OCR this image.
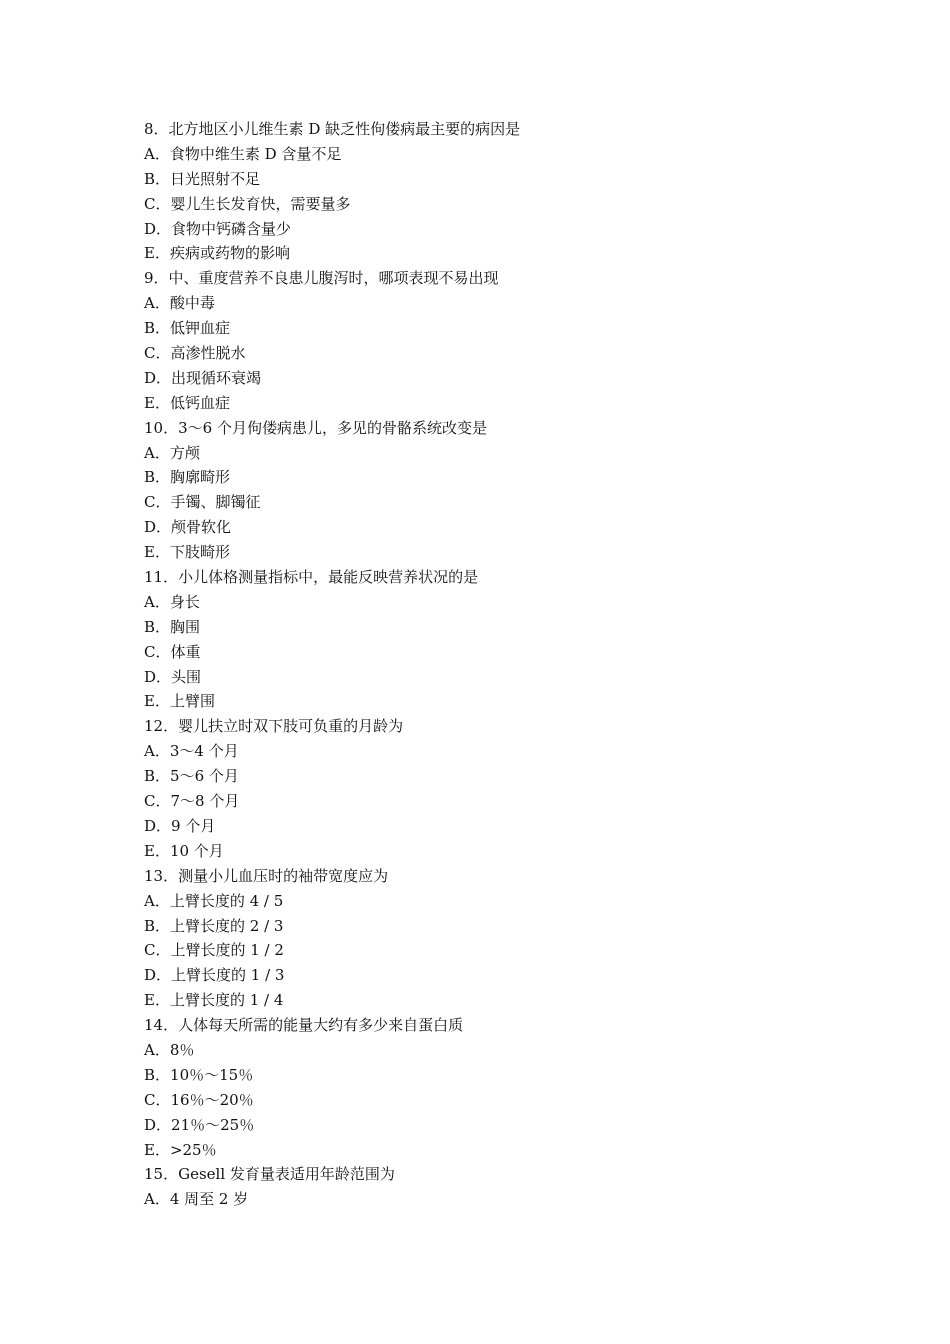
8．北方地区小儿维生素 D 缺乏性佝偻病最主要的病因是
A．食物中维生素 D 含量不足
B．日光照射不足
C．婴儿生长发育快，需要量多
D．食物中钙磷含量少
E．疾病或药物的影响
9．中、重度营养不良患儿腹泻时，哪项表现不易出现
A．酸中毒
B．低钾血症
C．高渗性脱水
D．出现循环衰竭
E．低钙血症
10．3～6 个月佝偻病患儿，多见的骨骼系统改变是
A．方颅
B．胸廓畸形
C．手镯、脚镯征
D．颅骨软化
E．下肢畸形
11．小儿体格测量指标中，最能反映营养状况的是
A．身长
B．胸围
C．体重
D．头围
E．上臂围
12．婴儿扶立时双下肢可负重的月龄为
A．3～4 个月
B．5～6 个月
C．7～8 个月
D．9 个月
E．10 个月
13．测量小儿血压时的袖带宽度应为
A．上臂长度的 4 / 5
B．上臂长度的 2 / 3
C．上臂长度的 1 / 2
D．上臂长度的 1 / 3
E．上臂长度的 1 / 4
14．人体每天所需的能量大约有多少来自蛋白质
A．8％
B．10％～15％
C．16％～20％
D．21％～25％
E．>25％
15．Gesell 发育量表适用年龄范围为
A．4 周至 2 岁
